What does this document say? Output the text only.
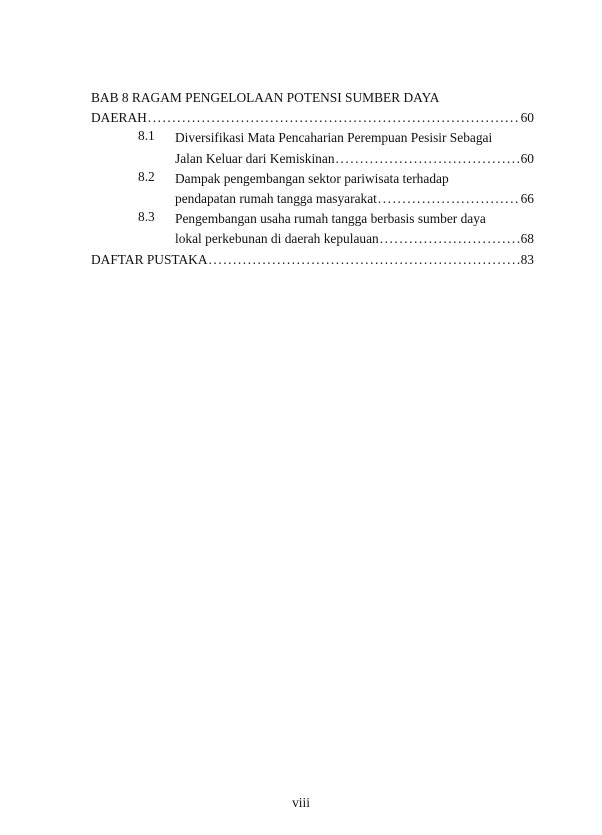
BAB 8 RAGAM PENGELOLAAN POTENSI SUMBER DAYA
DAERAH . . .	60
8.1 Diversifikasi Mata Pencaharian Perempuan Pesisir Sebagai
Jalan Keluar dari Kemiskinan . . .	60
8.2 Dampak pengembangan sektor pariwisata terhadap
pendapatan rumah tangga masyarakat . . .	66
8.3 Pengembangan usaha rumah tangga berbasis sumber daya
lokal perkebunan di daerah kepulauan . . .	68
DAFTAR PUSTAKA . . .	83
viii
